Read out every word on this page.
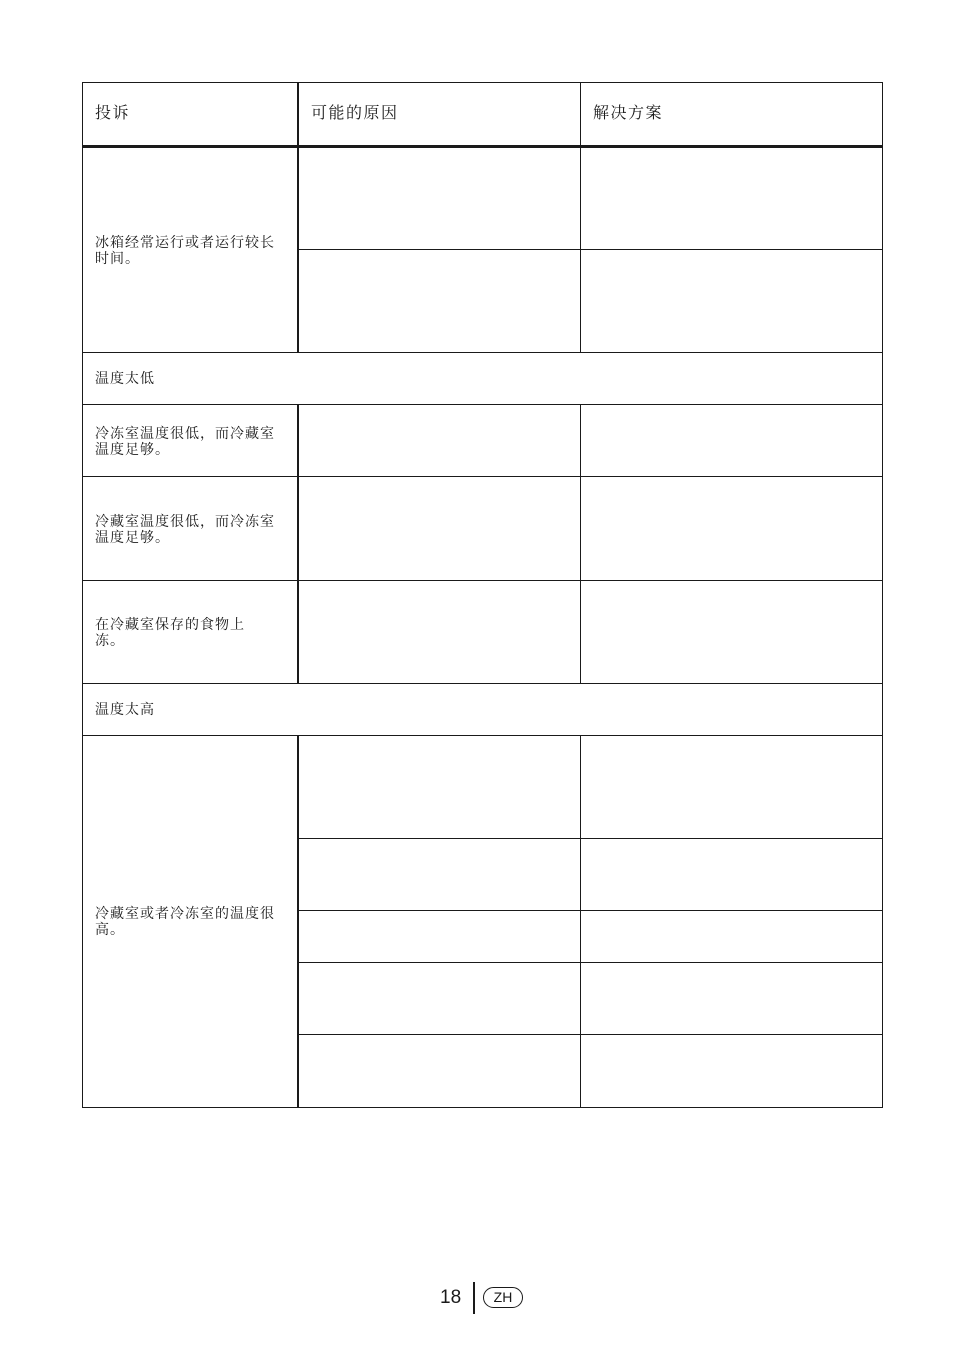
投诉	可能的原因	解决方案
冰箱经常运行或者运行较长时间。
温度太低
冷冻室温度很低，而冷藏室温度足够。
冷藏室温度很低，而冷冻室温度足够。
在冷藏室保存的食物上冻。
温度太高
冷藏室或者冷冻室的温度很高。
18	ZH
